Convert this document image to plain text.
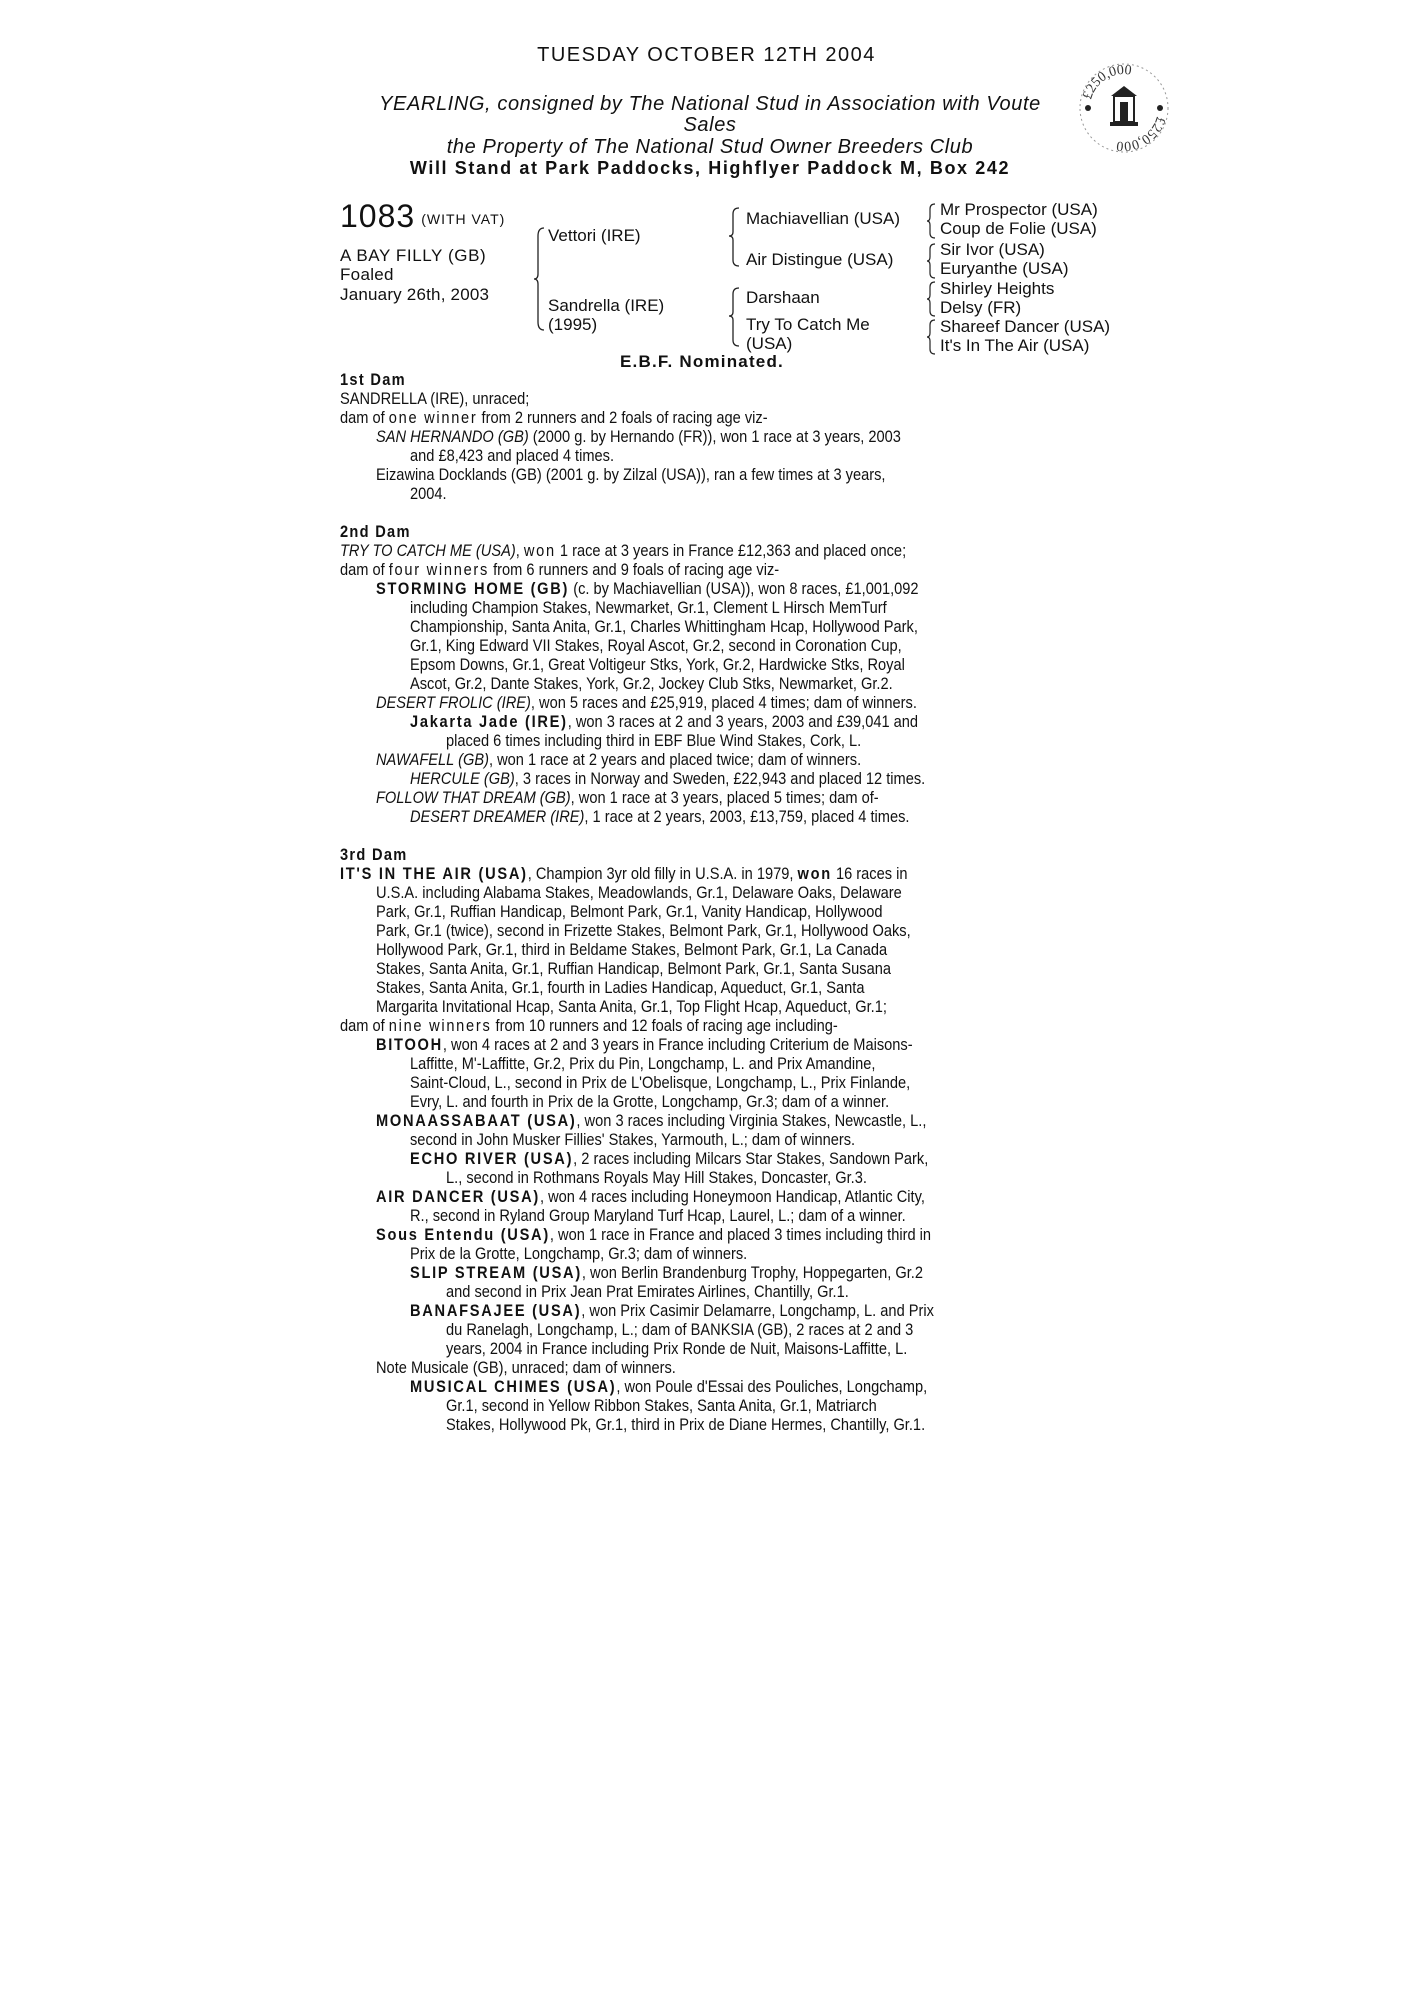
TUESDAY OCTOBER 12TH 2004
YEARLING, consigned by The National Stud in Association with Voute
Sales
the Property of The National Stud Owner Breeders Club
Will Stand at Park Paddocks, Highflyer Paddock M, Box 242
£250,000
£250,000
1083 (WITH VAT)
A BAY FILLY (GB)
Foaled
January 26th, 2003
Vettori (IRE)
Sandrella (IRE)
(1995)
Machiavellian (USA)
Air Distingue (USA)
Darshaan
Try To Catch Me
(USA)
Mr Prospector (USA)
Coup de Folie (USA)
Sir Ivor (USA)
Euryanthe (USA)
Shirley Heights
Delsy (FR)
Shareef Dancer (USA)
It's In The Air (USA)
E.B.F. Nominated.
1st Dam
SANDRELLA (IRE), unraced;
dam of one winner from 2 runners and 2 foals of racing age viz-
SAN HERNANDO (GB) (2000 g. by Hernando (FR)), won 1 race at 3 years, 2003
and £8,423 and placed 4 times.
Eizawina Docklands (GB) (2001 g. by Zilzal (USA)), ran a few times at 3 years,
2004.
2nd Dam
TRY TO CATCH ME (USA), won 1 race at 3 years in France £12,363 and placed once;
dam of four winners from 6 runners and 9 foals of racing age viz-
STORMING HOME (GB) (c. by Machiavellian (USA)), won 8 races, £1,001,092
including Champion Stakes, Newmarket, Gr.1, Clement L Hirsch MemTurf
Championship, Santa Anita, Gr.1, Charles Whittingham Hcap, Hollywood Park,
Gr.1, King Edward VII Stakes, Royal Ascot, Gr.2, second in Coronation Cup,
Epsom Downs, Gr.1, Great Voltigeur Stks, York, Gr.2, Hardwicke Stks, Royal
Ascot, Gr.2, Dante Stakes, York, Gr.2, Jockey Club Stks, Newmarket, Gr.2.
DESERT FROLIC (IRE), won 5 races and £25,919, placed 4 times; dam of winners.
Jakarta Jade (IRE), won 3 races at 2 and 3 years, 2003 and £39,041 and
placed 6 times including third in EBF Blue Wind Stakes, Cork, L.
NAWAFELL (GB), won 1 race at 2 years and placed twice; dam of winners.
HERCULE (GB), 3 races in Norway and Sweden, £22,943 and placed 12 times.
FOLLOW THAT DREAM (GB), won 1 race at 3 years, placed 5 times; dam of-
DESERT DREAMER (IRE), 1 race at 2 years, 2003, £13,759, placed 4 times.
3rd Dam
IT'S IN THE AIR (USA), Champion 3yr old filly in U.S.A. in 1979, won 16 races in
U.S.A. including Alabama Stakes, Meadowlands, Gr.1, Delaware Oaks, Delaware
Park, Gr.1, Ruffian Handicap, Belmont Park, Gr.1, Vanity Handicap, Hollywood
Park, Gr.1 (twice), second in Frizette Stakes, Belmont Park, Gr.1, Hollywood Oaks,
Hollywood Park, Gr.1, third in Beldame Stakes, Belmont Park, Gr.1, La Canada
Stakes, Santa Anita, Gr.1, Ruffian Handicap, Belmont Park, Gr.1, Santa Susana
Stakes, Santa Anita, Gr.1, fourth in Ladies Handicap, Aqueduct, Gr.1, Santa
Margarita Invitational Hcap, Santa Anita, Gr.1, Top Flight Hcap, Aqueduct, Gr.1;
dam of nine winners from 10 runners and 12 foals of racing age including-
BITOOH, won 4 races at 2 and 3 years in France including Criterium de Maisons-
Laffitte, M'-Laffitte, Gr.2, Prix du Pin, Longchamp, L. and Prix Amandine,
Saint-Cloud, L., second in Prix de L'Obelisque, Longchamp, L., Prix Finlande,
Evry, L. and fourth in Prix de la Grotte, Longchamp, Gr.3; dam of a winner.
MONAASSABAAT (USA), won 3 races including Virginia Stakes, Newcastle, L.,
second in John Musker Fillies' Stakes, Yarmouth, L.; dam of winners.
ECHO RIVER (USA), 2 races including Milcars Star Stakes, Sandown Park,
L., second in Rothmans Royals May Hill Stakes, Doncaster, Gr.3.
AIR DANCER (USA), won 4 races including Honeymoon Handicap, Atlantic City,
R., second in Ryland Group Maryland Turf Hcap, Laurel, L.; dam of a winner.
Sous Entendu (USA), won 1 race in France and placed 3 times including third in
Prix de la Grotte, Longchamp, Gr.3; dam of winners.
SLIP STREAM (USA), won Berlin Brandenburg Trophy, Hoppegarten, Gr.2
and second in Prix Jean Prat Emirates Airlines, Chantilly, Gr.1.
BANAFSAJEE (USA), won Prix Casimir Delamarre, Longchamp, L. and Prix
du Ranelagh, Longchamp, L.; dam of BANKSIA (GB), 2 races at 2 and 3
years, 2004 in France including Prix Ronde de Nuit, Maisons-Laffitte, L.
Note Musicale (GB), unraced; dam of winners.
MUSICAL CHIMES (USA), won Poule d'Essai des Pouliches, Longchamp,
Gr.1, second in Yellow Ribbon Stakes, Santa Anita, Gr.1, Matriarch
Stakes, Hollywood Pk, Gr.1, third in Prix de Diane Hermes, Chantilly, Gr.1.
